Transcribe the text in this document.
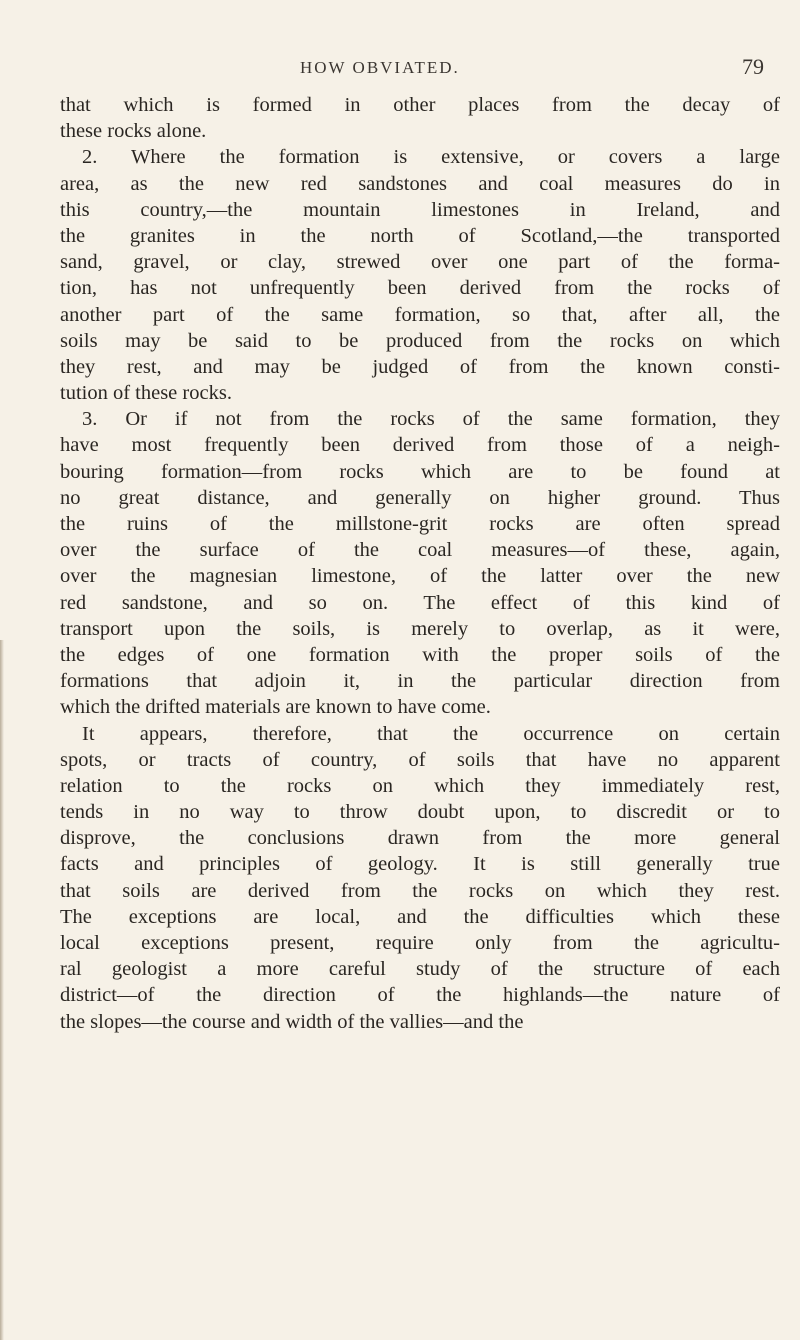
HOW OBVIATED.	79
that which is formed in other places from the decay of
these rocks alone.
2. Where the formation is extensive, or covers a large
area, as the new red sandstones and coal measures do in
this country,—the mountain limestones in Ireland, and
the granites in the north of Scotland,—the transported
sand, gravel, or clay, strewed over one part of the forma-
tion, has not unfrequently been derived from the rocks of
another part of the same formation, so that, after all, the
soils may be said to be produced from the rocks on which
they rest, and may be judged of from the known consti-
tution of these rocks.
3. Or if not from the rocks of the same formation, they
have most frequently been derived from those of a neigh-
bouring formation—from rocks which are to be found at
no great distance, and generally on higher ground. Thus
the ruins of the millstone-grit rocks are often spread
over the surface of the coal measures—of these, again,
over the magnesian limestone, of the latter over the new
red sandstone, and so on. The effect of this kind of
transport upon the soils, is merely to overlap, as it were,
the edges of one formation with the proper soils of the
formations that adjoin it, in the particular direction from
which the drifted materials are known to have come.
It appears, therefore, that the occurrence on certain
spots, or tracts of country, of soils that have no apparent
relation to the rocks on which they immediately rest,
tends in no way to throw doubt upon, to discredit or to
disprove, the conclusions drawn from the more general
facts and principles of geology. It is still generally true
that soils are derived from the rocks on which they rest.
The exceptions are local, and the difficulties which these
local exceptions present, require only from the agricultu-
ral geologist a more careful study of the structure of each
district—of the direction of the highlands—the nature of
the slopes—the course and width of the vallies—and the
